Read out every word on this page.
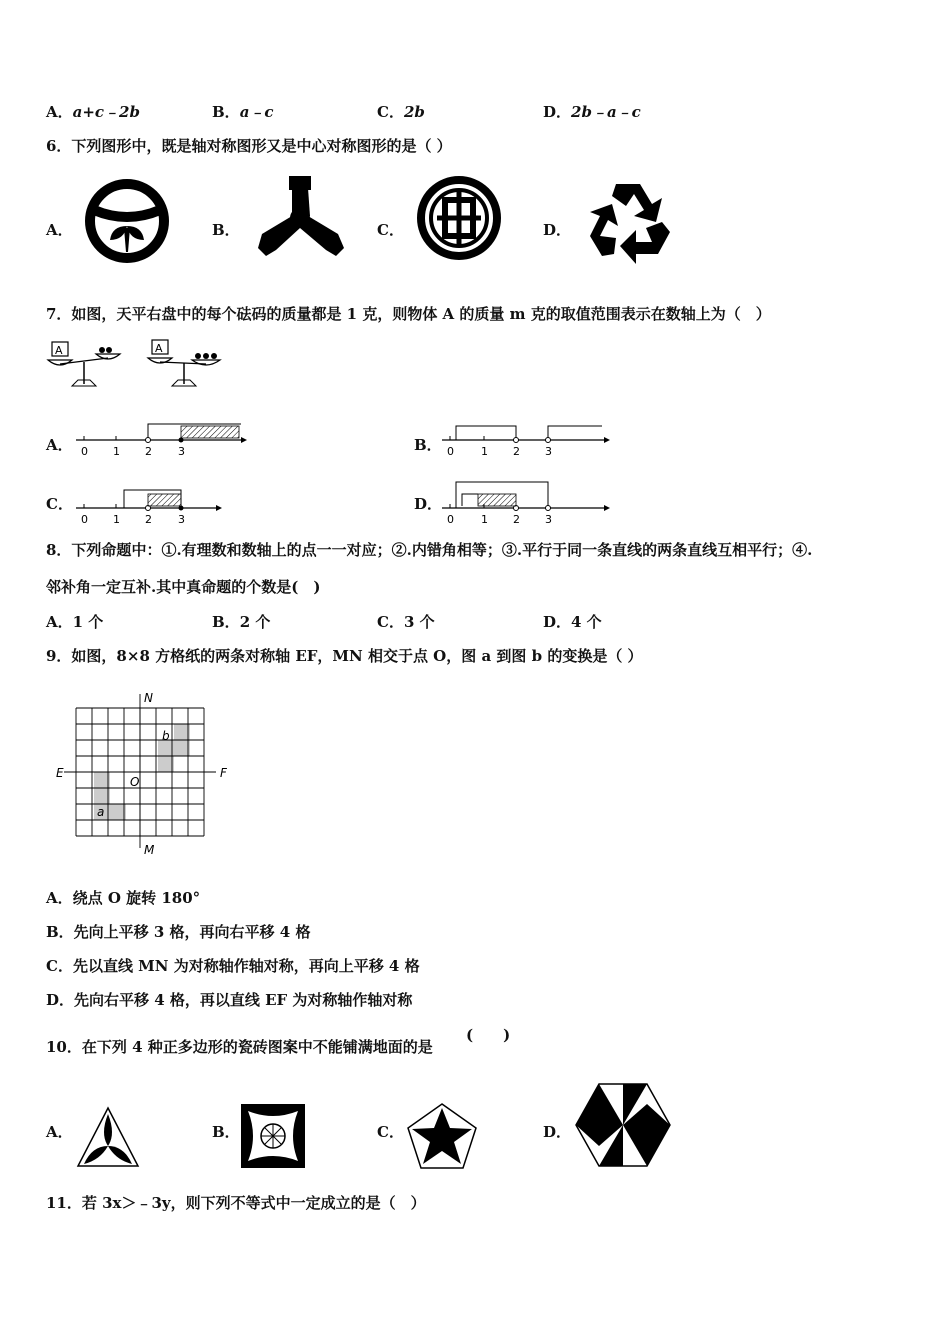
A．a+c﹣2b	B．a﹣c	C．2b	D．2b﹣a﹣c
6．下列图形中，既是轴对称图形又是中心对称图形的是（ ）
A．	B．	C．	D．
7．如图，天平右盘中的每个砝码的质量都是 1 克，则物体 A 的质量 m 克的取值范围表示在数轴上为（　）
A	A
A． 0 1 2 3	B． 0 1 2 3
C．
0 1 2 3
D．
0 1 2 3
8．下列命题中：①.有理数和数轴上的点一一对应；②.内错角相等；③.平行于同一条直线的两条直线互相平行；④.
邻补角一定互补.其中真命题的个数是(　)
A．1 个	B．2 个	C．3 个	D．4 个
9．如图，8×8 方格纸的两条对称轴 EF，MN 相交于点 O，图 a 到图 b 的变换是（ ）
N
M
E	F
O
a
b
A．绕点 O 旋转 180°
B．先向上平移 3 格，再向右平移 4 格
C．先以直线 MN 为对称轴作轴对称，再向上平移 4 格
D．先向右平移 4 格，再以直线 EF 为对称轴作轴对称
10．在下列 4 种正多边形的瓷砖图案中不能铺满地面的是
(　　)
A．	B．	C．	D．
11．若 3x＞﹣3y，则下列不等式中一定成立的是（　）
